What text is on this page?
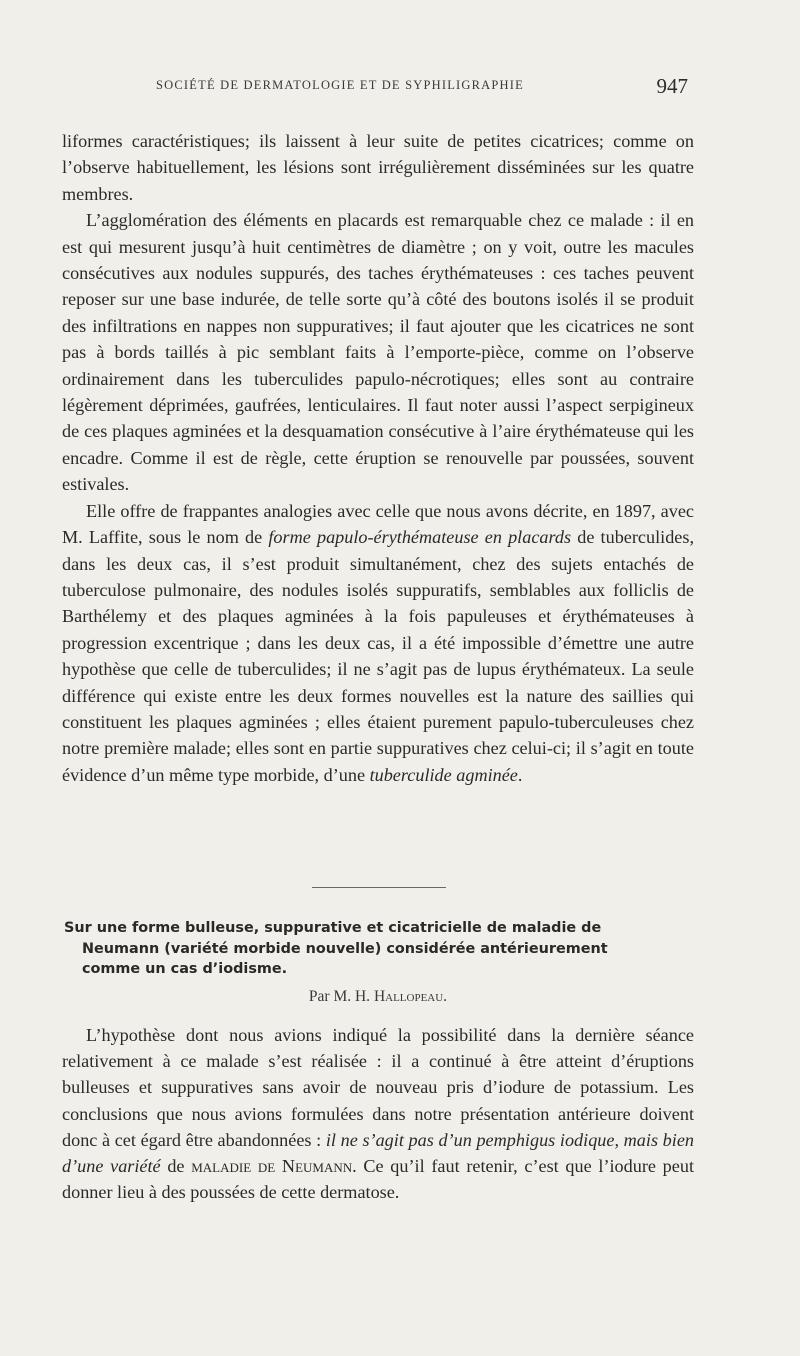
SOCIÉTÉ DE DERMATOLOGIE ET DE SYPHILIGRAPHIE	947

liformes caractéristiques; ils laissent à leur suite de petites cicatrices; comme on l’observe habituellement, les lésions sont irrégulièrement disséminées sur les quatre membres.

L’agglomération des éléments en placards est remarquable chez ce malade : il en est qui mesurent jusqu’à huit centimètres de diamètre ; on y voit, outre les macules consécutives aux nodules suppurés, des taches érythémateuses : ces taches peuvent reposer sur une base indurée, de telle sorte qu’à côté des boutons isolés il se produit des infiltrations en nappes non suppuratives; il faut ajouter que les cicatrices ne sont pas à bords taillés à pic semblant faits à l’emporte-pièce, comme on l’observe ordinairement dans les tuberculides papulo-nécrotiques; elles sont au contraire légèrement déprimées, gaufrées, lenticulaires. Il faut noter aussi l’aspect serpigineux de ces plaques agminées et la desquamation consécutive à l’aire érythémateuse qui les encadre. Comme il est de règle, cette éruption se renouvelle par poussées, souvent estivales.

Elle offre de frappantes analogies avec celle que nous avons décrite, en 1897, avec M. Laffite, sous le nom de forme papulo-érythémateuse en placards de tuberculides, dans les deux cas, il s’est produit simultanément, chez des sujets entachés de tuberculose pulmonaire, des nodules isolés suppuratifs, semblables aux folliclis de Barthélemy et des plaques agminées à la fois papuleuses et érythémateuses à progression excentrique ; dans les deux cas, il a été impossible d’émettre une autre hypothèse que celle de tuberculides; il ne s’agit pas de lupus érythémateux. La seule différence qui existe entre les deux formes nouvelles est la nature des saillies qui constituent les plaques agminées ; elles étaient purement papulo-tuberculeuses chez notre première malade; elles sont en partie suppuratives chez celui-ci; il s’agit en toute évidence d’un même type morbide, d’une tuberculide agminée.

Sur une forme bulleuse, suppurative et cicatricielle de maladie de
Neumann (variété morbide nouvelle) considérée antérieurement
comme un cas d’iodisme.
Par M. H. Hallopeau.

L’hypothèse dont nous avions indiqué la possibilité dans la dernière séance relativement à ce malade s’est réalisée : il a continué à être atteint d’éruptions bulleuses et suppuratives sans avoir de nouveau pris d’iodure de potassium. Les conclusions que nous avions formulées dans notre présentation antérieure doivent donc à cet égard être abandonnées : il ne s’agit pas d’un pemphigus iodique, mais bien d’une variété de maladie de Neumann. Ce qu’il faut retenir, c’est que l’iodure peut donner lieu à des poussées de cette dermatose.
